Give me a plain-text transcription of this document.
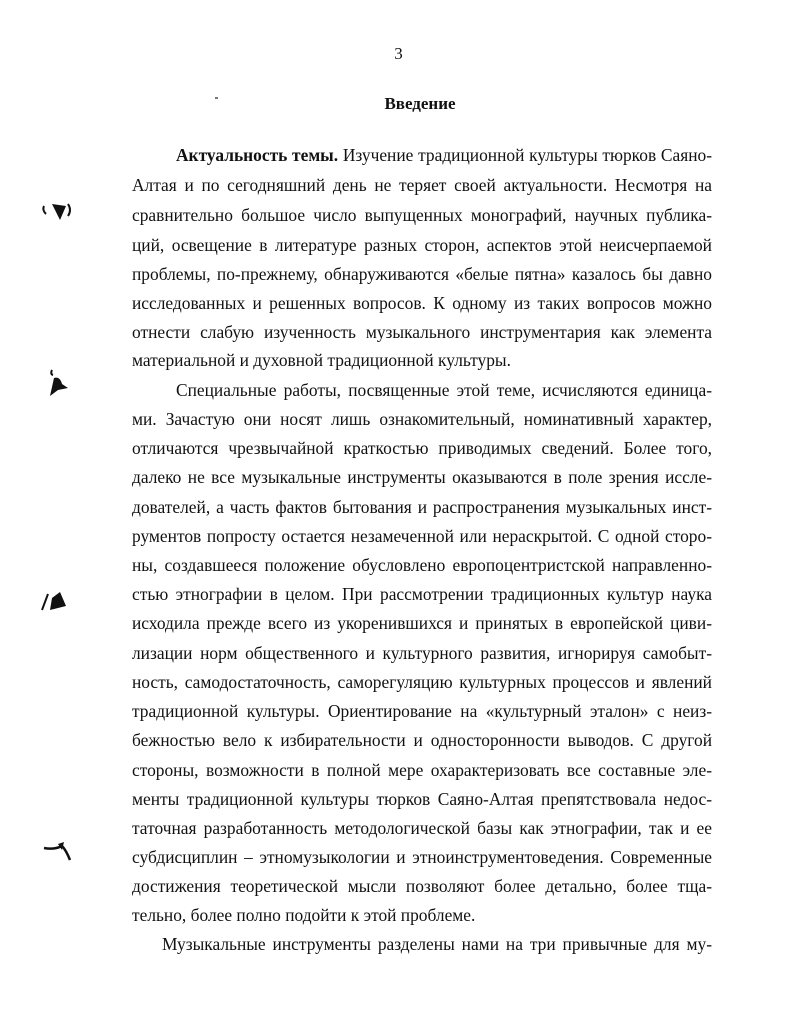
3
Введение
Актуальность темы. Изучение традиционной культуры тюрков Саяно-
Алтая и по сегодняшний день не теряет своей актуальности. Несмотря на
сравнительно большое число выпущенных монографий, научных публика-
ций, освещение в литературе разных сторон, аспектов этой неисчерпаемой
проблемы, по-прежнему, обнаруживаются «белые пятна» казалось бы давно
исследованных и решенных вопросов. К одному из таких вопросов можно
отнести слабую изученность музыкального инструментария как элемента
материальной и духовной традиционной культуры.
Специальные работы, посвященные этой теме, исчисляются единица-
ми. Зачастую они носят лишь ознакомительный, номинативный характер,
отличаются чрезвычайной краткостью приводимых сведений. Более того,
далеко не все музыкальные инструменты оказываются в поле зрения иссле-
дователей, а часть фактов бытования и распространения музыкальных инст-
рументов попросту остается незамеченной или нераскрытой. С одной сторо-
ны, создавшееся положение обусловлено европоцентристской направленно-
стью этнографии в целом. При рассмотрении традиционных культур наука
исходила прежде всего из укоренившихся и принятых в европейской циви-
лизации норм общественного и культурного развития, игнорируя самобыт-
ность, самодостаточность, саморегуляцию культурных процессов и явлений
традиционной культуры. Ориентирование на «культурный эталон» с неиз-
бежностью вело к избирательности и односторонности выводов. С другой
стороны, возможности в полной мере охарактеризовать все составные эле-
менты традиционной культуры тюрков Саяно-Алтая препятствовала недос-
таточная разработанность методологической базы как этнографии, так и ее
субдисциплин – этномузыкологии и этноинструментоведения. Современные
достижения теоретической мысли позволяют более детально, более тща-
тельно, более полно подойти к этой проблеме.
Музыкальные инструменты разделены нами на три привычные для му-
